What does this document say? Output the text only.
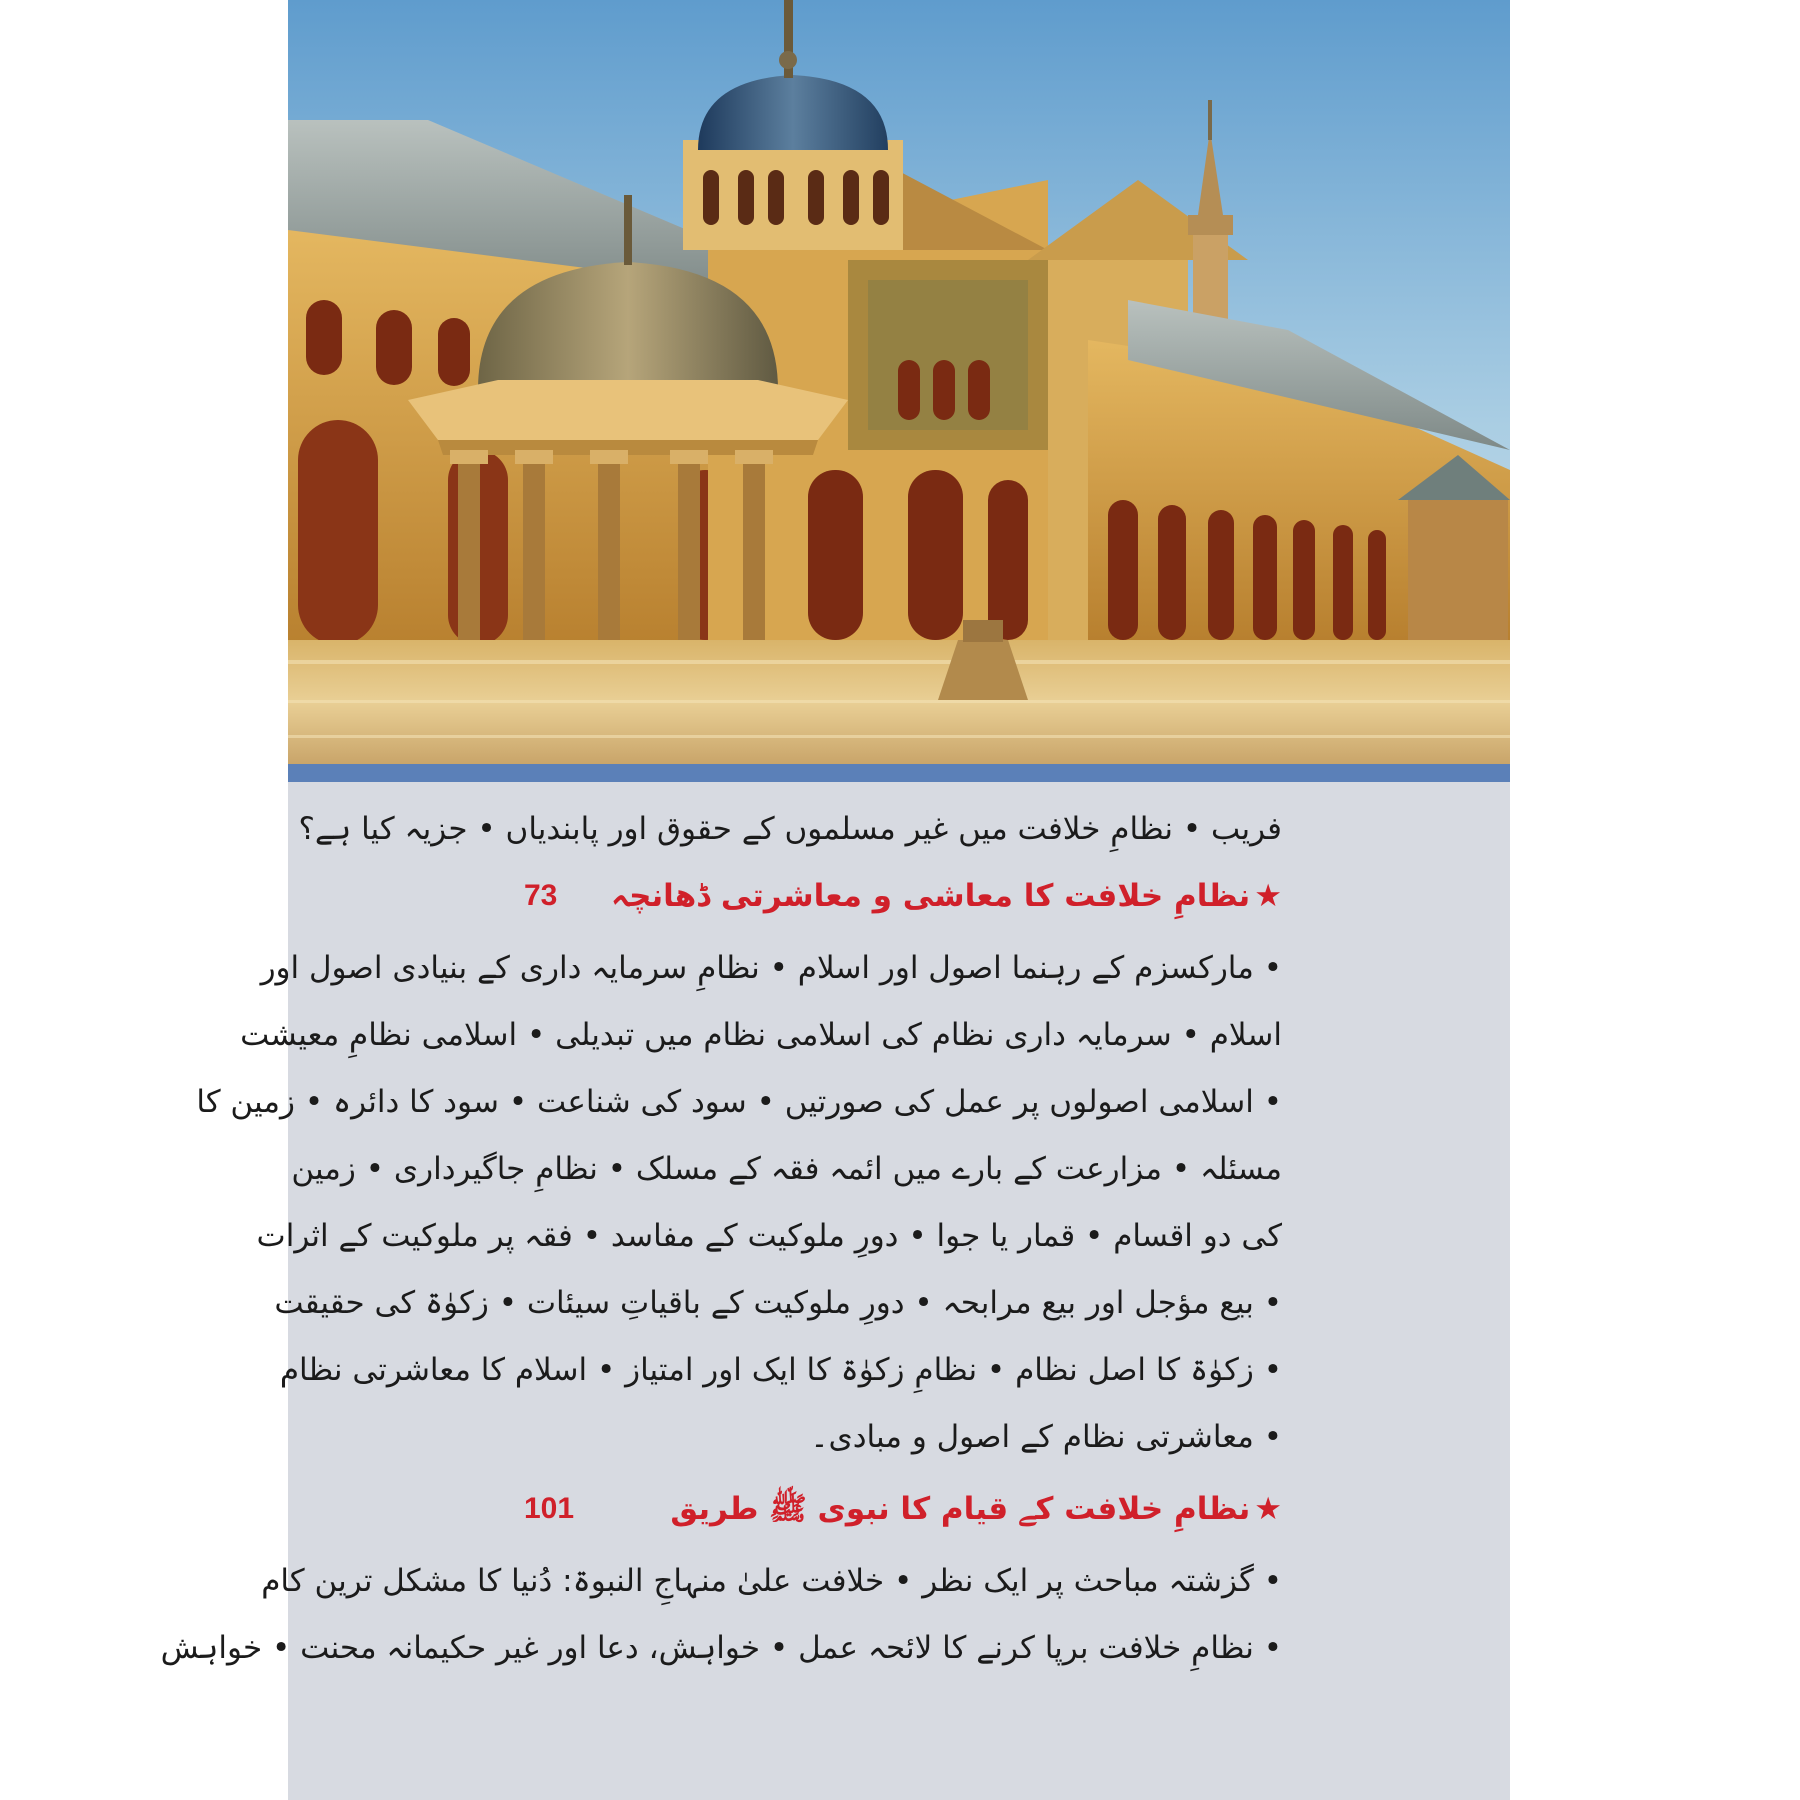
فریب • نظامِ خلافت میں غیر مسلموں کے حقوق اور پابندیاں • جزیہ کیا ہے؟
★نظامِ خلافت کا معاشی و معاشرتی ڈھانچہ
73
• مارکسزم کے رہنما اصول اور اسلام • نظامِ سرمایہ داری کے بنیادی اصول اور
اسلام • سرمایہ داری نظام کی اسلامی نظام میں تبدیلی • اسلامی نظامِ معیشت
• اسلامی اصولوں پر عمل کی صورتیں • سود کی شناعت • سود کا دائرہ • زمین کا
مسئلہ • مزارعت کے بارے میں ائمہ فقہ کے مسلک • نظامِ جاگیرداری • زمین
کی دو اقسام • قمار یا جوا • دورِ ملوکیت کے مفاسد • فقہ پر ملوکیت کے اثرات
• بیع مؤجل اور بیع مرابحہ • دورِ ملوکیت کے باقیاتِ سیئات • زکوٰۃ کی حقیقت
• زکوٰۃ کا اصل نظام • نظامِ زکوٰۃ کا ایک اور امتیاز • اسلام کا معاشرتی نظام
• معاشرتی نظام کے اصول و مبادی۔
★نظامِ خلافت کے قیام کا نبوی ﷺ طریق
101
• گزشتہ مباحث پر ایک نظر • خلافت علیٰ منہاجِ النبوۃ: دُنیا کا مشکل ترین کام
• نظامِ خلافت برپا کرنے کا لائحہ عمل • خواہش، دعا اور غیر حکیمانہ محنت • خواہش
